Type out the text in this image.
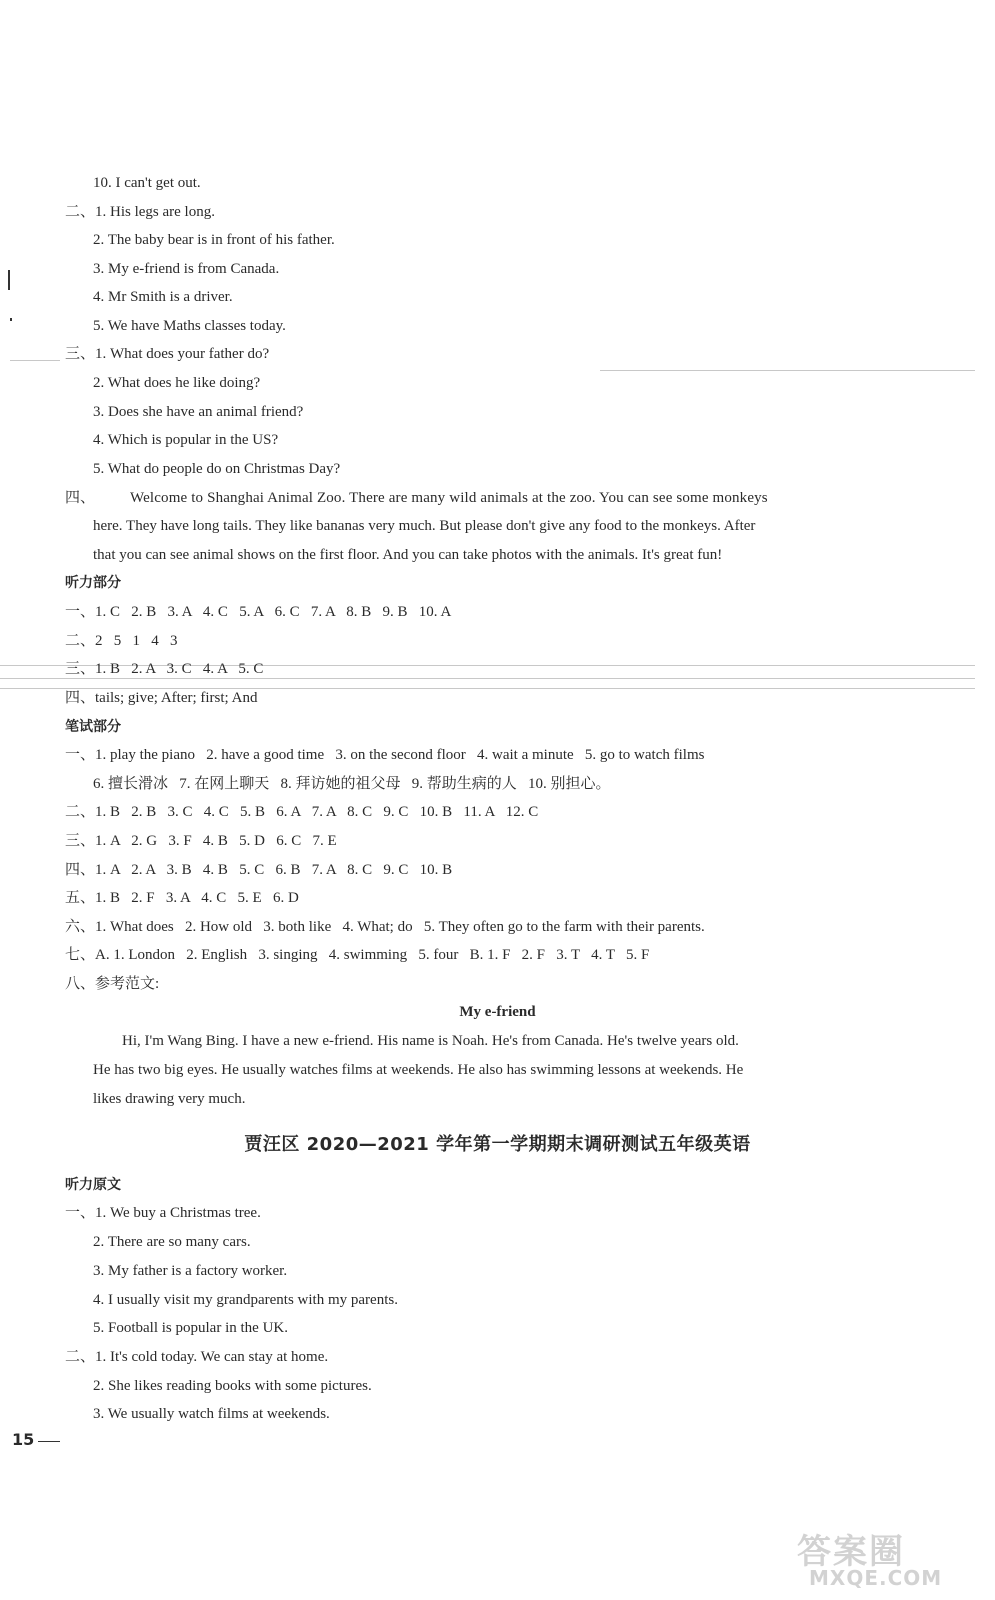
10. I can't get out.
二、1. His legs are long.
2. The baby bear is in front of his father.
3. My e-friend is from Canada.
4. Mr Smith is a driver.
5. We have Maths classes today.
三、1. What does your father do?
2. What does he like doing?
3. Does she have an animal friend?
4. Which is popular in the US?
5. What do people do on Christmas Day?
四、 Welcome to Shanghai Animal Zoo. There are many wild animals at the zoo. You can see some monkeys
here. They have long tails. They like bananas very much. But please don't give any food to the monkeys. After
that you can see animal shows on the first floor. And you can take photos with the animals. It's great fun!
听力部分
一、1. C   2. B   3. A   4. C   5. A   6. C   7. A   8. B   9. B   10. A
二、2   5   1   4   3
三、1. B   2. A   3. C   4. A   5. C
四、tails; give; After; first; And
笔试部分
一、1. play the piano   2. have a good time   3. on the second floor   4. wait a minute   5. go to watch films
6. 擅长滑冰   7. 在网上聊天   8. 拜访她的祖父母   9. 帮助生病的人   10. 别担心。
二、1. B   2. B   3. C   4. C   5. B   6. A   7. A   8. C   9. C   10. B   11. A   12. C
三、1. A   2. G   3. F   4. B   5. D   6. C   7. E
四、1. A   2. A   3. B   4. B   5. C   6. B   7. A   8. C   9. C   10. B
五、1. B   2. F   3. A   4. C   5. E   6. D
六、1. What does   2. How old   3. both like   4. What; do   5. They often go to the farm with their parents.
七、A. 1. London   2. English   3. singing   4. swimming   5. four   B. 1. F   2. F   3. T   4. T   5. F
八、参考范文:
My e-friend
Hi, I'm Wang Bing. I have a new e-friend. His name is Noah. He's from Canada. He's twelve years old.
He has two big eyes. He usually watches films at weekends. He also has swimming lessons at weekends. He
likes drawing very much.
贾汪区 2020—2021 学年第一学期期末调研测试五年级英语
听力原文
一、1. We buy a Christmas tree.
2. There are so many cars.
3. My father is a factory worker.
4. I usually visit my grandparents with my parents.
5. Football is popular in the UK.
二、1. It's cold today. We can stay at home.
2. She likes reading books with some pictures.
3. We usually watch films at weekends.
15
答案圈
MXQE.COM
